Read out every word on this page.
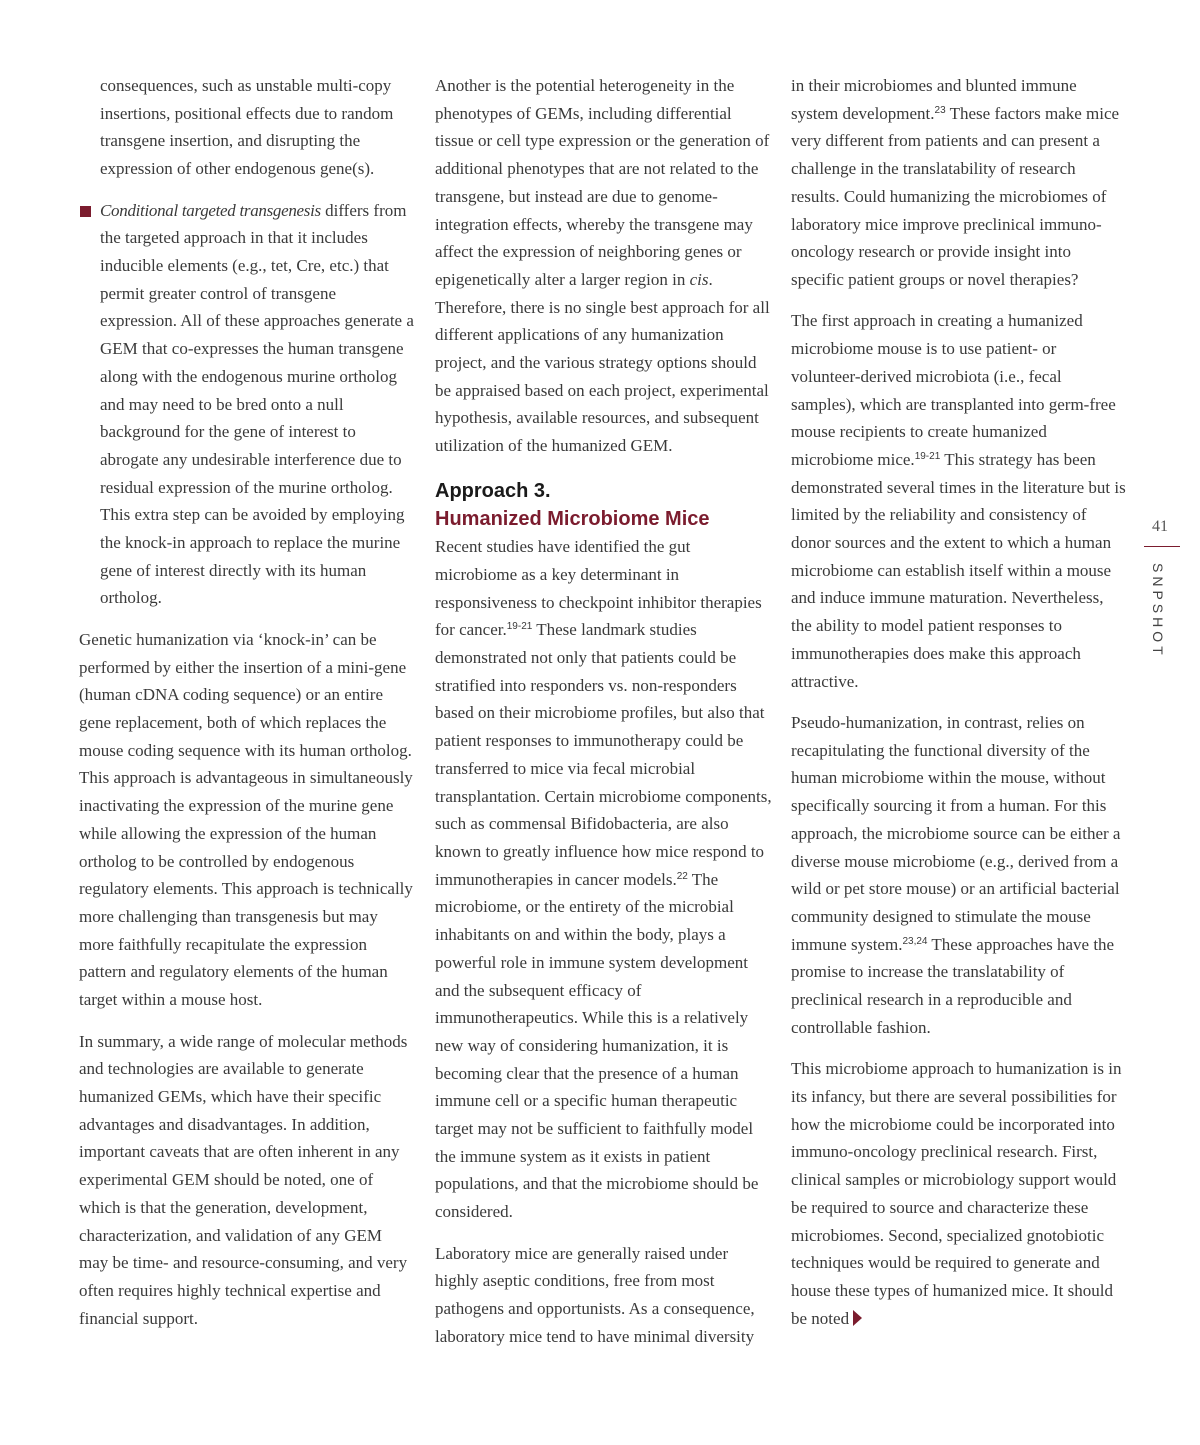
consequences, such as unstable multi-copy insertions, positional effects due to random transgene insertion, and disrupting the expression of other endogenous gene(s).

Conditional targeted transgenesis differs from the targeted approach in that it includes inducible elements (e.g., tet, Cre, etc.) that permit greater control of transgene expression. All of these approaches generate a GEM that co-expresses the human transgene along with the endogenous murine ortholog and may need to be bred onto a null background for the gene of interest to abrogate any undesirable interference due to residual expression of the murine ortholog. This extra step can be avoided by employing the knock-in approach to replace the murine gene of interest directly with its human ortholog.

Genetic humanization via ‘knock-in’ can be performed by either the insertion of a mini-gene (human cDNA coding sequence) or an entire gene replacement, both of which replaces the mouse coding sequence with its human ortholog. This approach is advantageous in simultaneously inactivating the expression of the murine gene while allowing the expression of the human ortholog to be controlled by endogenous regulatory elements. This approach is technically more challenging than transgenesis but may more faithfully recapitulate the expression pattern and regulatory elements of the human target within a mouse host.

In summary, a wide range of molecular methods and technologies are available to generate humanized GEMs, which have their specific advantages and disadvantages. In addition, important caveats that are often inherent in any experimental GEM should be noted, one of which is that the generation, development, characterization, and validation of any GEM may be time- and resource-consuming, and very often requires highly technical expertise and financial support.

Another is the potential heterogeneity in the phenotypes of GEMs, including differential tissue or cell type expression or the generation of additional phenotypes that are not related to the transgene, but instead are due to genome-integration effects, whereby the transgene may affect the expression of neighboring genes or epigenetically alter a larger region in cis. Therefore, there is no single best approach for all different applications of any humanization project, and the various strategy options should be appraised based on each project, experimental hypothesis, available resources, and subsequent utilization of the humanized GEM.

Approach 3.
Humanized Microbiome Mice

Recent studies have identified the gut microbiome as a key determinant in responsiveness to checkpoint inhibitor therapies for cancer.$^{19-21}$ These landmark studies demonstrated not only that patients could be stratified into responders vs. non-responders based on their microbiome profiles, but also that patient responses to immunotherapy could be transferred to mice via fecal microbial transplantation. Certain microbiome components, such as commensal Bifidobacteria, are also known to greatly influence how mice respond to immunotherapies in cancer models.$^{22}$ The microbiome, or the entirety of the microbial inhabitants on and within the body, plays a powerful role in immune system development and the subsequent efficacy of immunotherapeutics. While this is a relatively new way of considering humanization, it is becoming clear that the presence of a human immune cell or a specific human therapeutic target may not be sufficient to faithfully model the immune system as it exists in patient populations, and that the microbiome should be considered.

Laboratory mice are generally raised under highly aseptic conditions, free from most pathogens and opportunists. As a consequence, laboratory mice tend to have minimal diversity

in their microbiomes and blunted immune system development.$^{23}$ These factors make mice very different from patients and can present a challenge in the translatability of research results. Could humanizing the microbiomes of laboratory mice improve preclinical immuno-oncology research or provide insight into specific patient groups or novel therapies?

The first approach in creating a humanized microbiome mouse is to use patient- or volunteer-derived microbiota (i.e., fecal samples), which are transplanted into germ-free mouse recipients to create humanized microbiome mice.$^{19-21}$ This strategy has been demonstrated several times in the literature but is limited by the reliability and consistency of donor sources and the extent to which a human microbiome can establish itself within a mouse and induce immune maturation. Nevertheless, the ability to model patient responses to immunotherapies does make this approach attractive.

Pseudo-humanization, in contrast, relies on recapitulating the functional diversity of the human microbiome within the mouse, without specifically sourcing it from a human. For this approach, the microbiome source can be either a diverse mouse microbiome (e.g., derived from a wild or pet store mouse) or an artificial bacterial community designed to stimulate the mouse immune system.$^{23,24}$ These approaches have the promise to increase the translatability of preclinical research in a reproducible and controllable fashion.

This microbiome approach to humanization is in its infancy, but there are several possibilities for how the microbiome could be incorporated into immuno-oncology preclinical research. First, clinical samples or microbiology support would be required to source and characterize these microbiomes. Second, specialized gnotobiotic techniques would be required to generate and house these types of humanized mice. It should be noted

41
SNPSHOT
